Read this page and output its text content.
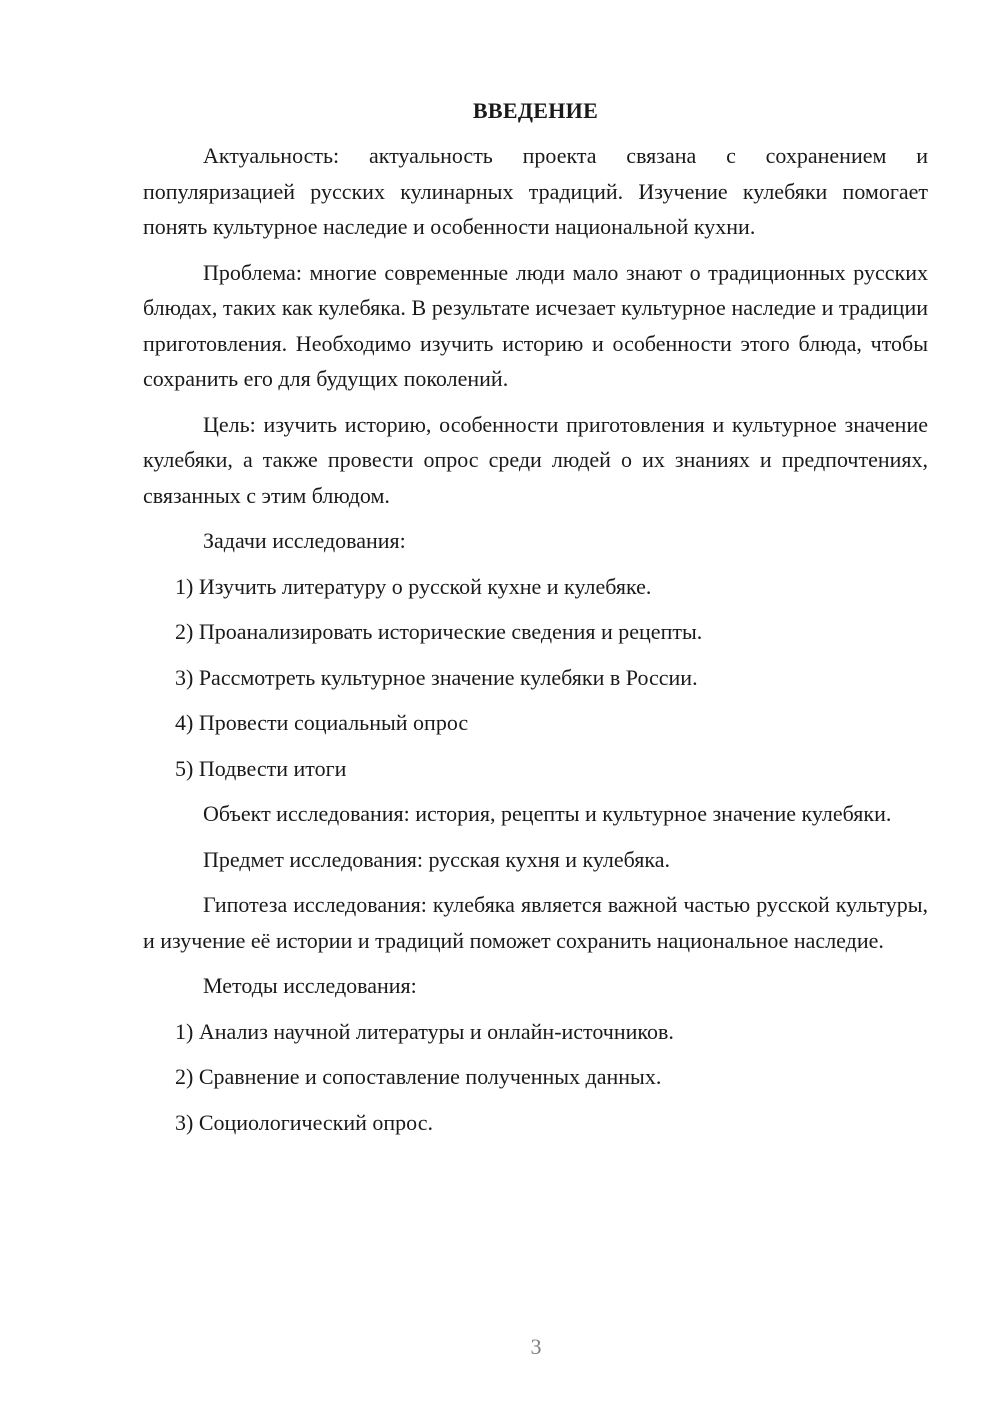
ВВЕДЕНИЕ

Актуальность: актуальность проекта связана с сохранением и популяризацией русских кулинарных традиций. Изучение кулебяки помогает понять культурное наследие и особенности национальной кухни.

Проблема: многие современные люди мало знают о традиционных русских блюдах, таких как кулебяка. В результате исчезает культурное наследие и традиции приготовления. Необходимо изучить историю и особенности этого блюда, чтобы сохранить его для будущих поколений.

Цель: изучить историю, особенности приготовления и культурное значение кулебяки, а также провести опрос среди людей о их знаниях и предпочтениях, связанных с этим блюдом.

Задачи исследования:

1) Изучить литературу о русской кухне и кулебяке.

2) Проанализировать исторические сведения и рецепты.

3) Рассмотреть культурное значение кулебяки в России.

4) Провести социальный опрос

5) Подвести итоги

Объект исследования: история, рецепты и культурное значение кулебяки.

Предмет исследования: русская кухня и кулебяка.

Гипотеза исследования: кулебяка является важной частью русской культуры, и изучение её истории и традиций поможет сохранить национальное наследие.

Методы исследования:

1) Анализ научной литературы и онлайн-источников.

2) Сравнение и сопоставление полученных данных.

3) Социологический опрос.

3
